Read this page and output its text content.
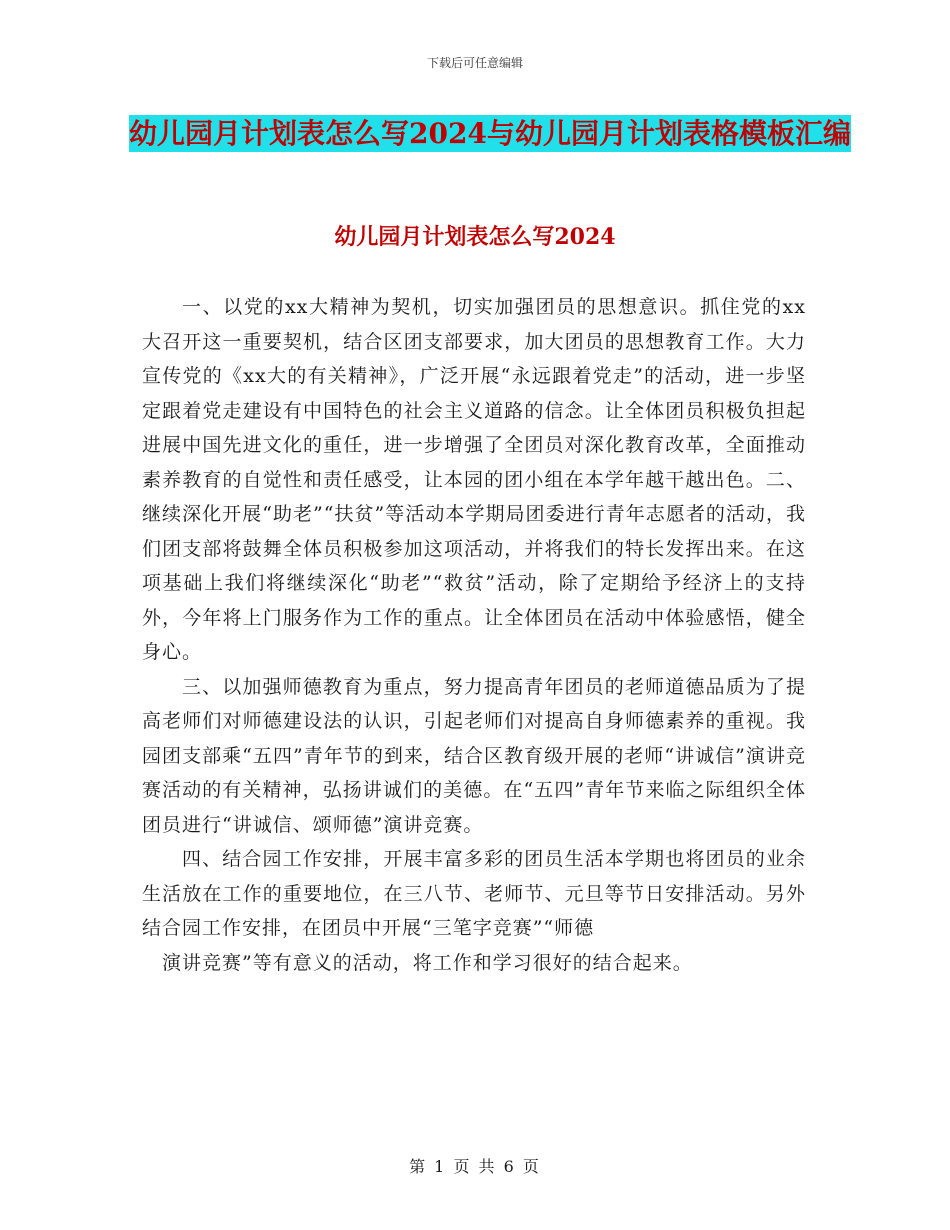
下载后可任意编辑
幼儿园月计划表怎么写2024与幼儿园月计划表格模板汇编
幼儿园月计划表怎么写2024

一、以党的xx大精神为契机，切实加强团员的思想意识。抓住党的xx大召开这一重要契机，结合区团支部要求，加大团员的思想教育工作。大力宣传党的《xx大的有关精神》，广泛开展“永远跟着党走”的活动，进一步坚定跟着党走建设有中国特色的社会主义道路的信念。让全体团员积极负担起进展中国先进文化的重任，进一步增强了全团员对深化教育改革，全面推动素养教育的自觉性和责任感受，让本园的团小组在本学年越干越出色。二、继续深化开展“助老”“扶贫”等活动本学期局团委进行青年志愿者的活动，我们团支部将鼓舞全体员积极参加这项活动，并将我们的特长发挥出来。在这项基础上我们将继续深化“助老”“救贫”活动，除了定期给予经济上的支持外，今年将上门服务作为工作的重点。让全体团员在活动中体验感悟，健全身心。

三、以加强师德教育为重点，努力提高青年团员的老师道德品质为了提高老师们对师德建设法的认识，引起老师们对提高自身师德素养的重视。我园团支部乘“五四”青年节的到来，结合区教育级开展的老师“讲诚信”演讲竞赛活动的有关精神，弘扬讲诚们的美德。在“五四”青年节来临之际组织全体团员进行“讲诚信、颂师德”演讲竞赛。

四、结合园工作安排，开展丰富多彩的团员生活本学期也将团员的业余生活放在工作的重要地位，在三八节、老师节、元旦等节日安排活动。另外结合园工作安排，在团员中开展“三笔字竞赛”“师德

演讲竞赛”等有意义的活动，将工作和学习很好的结合起来。

第 1 页 共 6 页
